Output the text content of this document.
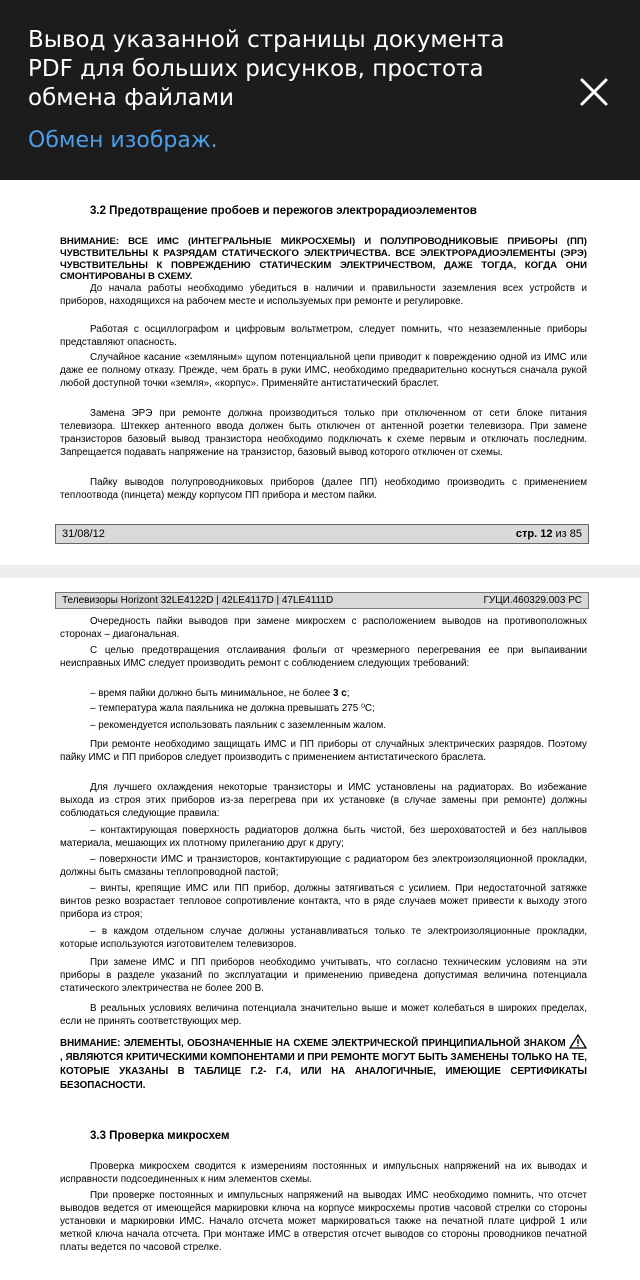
3.2 Предотвращение пробоев и пережогов электрорадиоэлементов
ВНИМАНИЕ: ВСЕ ИМС (ИНТЕГРАЛЬНЫЕ МИКРОСХЕМЫ) И ПОЛУПРОВОДНИКОВЫЕ ПРИБОРЫ (ПП) ЧУВСТВИТЕЛЬНЫ К РАЗРЯДАМ СТАТИЧЕСКОГО ЭЛЕКТРИЧЕСТВА. ВСЕ ЭЛЕКТРОРАДИОЭЛЕМЕНТЫ (ЭРЭ) ЧУВСТВИТЕЛЬНЫ К ПОВРЕЖДЕНИЮ СТАТИЧЕСКИМ ЭЛЕКТРИЧЕСТВОМ, ДАЖЕ ТОГДА, КОГДА ОНИ СМОНТИРОВАНЫ В СХЕМУ.
До начала работы необходимо убедиться в наличии и правильности заземления всех устройств и приборов, находящихся на рабочем месте и используемых при ремонте и регулировке.
Работая с осциллографом и цифровым вольтметром, следует помнить, что незаземленные приборы представляют опасность.
Случайное касание «земляным» щупом потенциальной цепи приводит к повреждению одной из ИМС или даже ее полному отказу. Прежде, чем брать в руки ИМС, необходимо предварительно коснуться сначала рукой любой доступной точки «земля», «корпус». Применяйте антистатический браслет.
Замена ЭРЭ при ремонте должна производиться только при отключенном от сети блоке питания телевизора. Штеккер антенного ввода должен быть отключен от антенной розетки телевизора. При замене транзисторов базовый вывод транзистора необходимо подключать к схеме первым и отключать последним. Запрещается подавать напряжение на транзистор, базовый вывод которого отключен от схемы.
Пайку выводов полупроводниковых приборов (далее ПП) необходимо производить с применением теплоотвода (пинцета) между корпусом ПП прибора и местом пайки.
31/08/12	стр. 12 из 85
Телевизоры Horizont 32LE4122D | 42LE4117D | 47LE4111D	ГУЦИ.460329.003 РС
Очередность пайки выводов при замене микросхем с расположением выводов на противоположных сторонах – диагональная.
С целью предотвращения отслаивания фольги от чрезмерного перегревания ее при выпаивании неисправных ИМС следует производить ремонт с соблюдением следующих требований:
– время пайки должно быть минимальное, не более 3 с;
– температура жала паяльника не должна превышать 275 ⁰С;
– рекомендуется использовать паяльник с заземленным жалом.
При ремонте необходимо защищать ИМС и ПП приборы от случайных электрических разрядов. Поэтому пайку ИМС и ПП приборов следует производить с применением антистатического браслета.
Для лучшего охлаждения некоторые транзисторы и ИМС установлены на радиаторах. Во избежание выхода из строя этих приборов из-за перегрева при их установке (в случае замены при ремонте) должны соблюдаться следующие правила:
– контактирующая поверхность радиаторов должна быть чистой, без шероховатостей и без наплывов материала, мешающих их плотному прилеганию друг к другу;
– поверхности ИМС и транзисторов, контактирующие с радиатором без электроизоляционной прокладки, должны быть смазаны теплопроводной пастой;
– винты, крепящие ИМС или ПП прибор, должны затягиваться с усилием. При недостаточной затяжке винтов резко возрастает тепловое сопротивление контакта, что в ряде случаев может привести к выходу этого прибора из строя;
– в каждом отдельном случае должны устанавливаться только те электроизоляционные прокладки, которые используются изготовителем телевизоров.
При замене ИМС и ПП приборов необходимо учитывать, что согласно техническим условиям на эти приборы в разделе указаний по эксплуатации и применению приведена допустимая величина потенциала статического электричества не более 200 В.
В реальных условиях величина потенциала значительно выше и может колебаться в широких пределах, если не принять соответствующих мер.
ВНИМАНИЕ: ЭЛЕМЕНТЫ, ОБОЗНАЧЕННЫЕ НА СХЕМЕ ЭЛЕКТРИЧЕСКОЙ ПРИНЦИПИАЛЬНОЙ ЗНАКОМ  , ЯВЛЯЮТСЯ КРИТИЧЕСКИМИ КОМПОНЕНТАМИ И ПРИ РЕМОНТЕ МОГУТ БЫТЬ ЗАМЕНЕНЫ ТОЛЬКО НА ТЕ, КОТОРЫЕ УКАЗАНЫ В ТАБЛИЦЕ Г.2- Г.4, ИЛИ НА АНАЛОГИЧНЫЕ, ИМЕЮЩИЕ СЕРТИФИКАТЫ БЕЗОПАСНОСТИ.
3.3 Проверка микросхем
Проверка микросхем сводится к измерениям постоянных и импульсных напряжений на их выводах и исправности подсоединенных к ним элементов схемы.
При проверке постоянных и импульсных напряжений на выводах ИМС необходимо помнить, что отсчет выводов ведется от имеющейся маркировки ключа на корпусе микросхемы против часовой стрелки со стороны установки и маркировки ИМС. Начало отсчета может маркироваться также на печатной плате цифрой 1 или меткой ключа начала отсчета. При монтаже ИМС в отверстия отсчет выводов со стороны проводников печатной платы ведется по часовой стрелке.
Вывод указанной страницы документа PDF для больших рисунков, простота обмена файлами
Обмен изображ.
